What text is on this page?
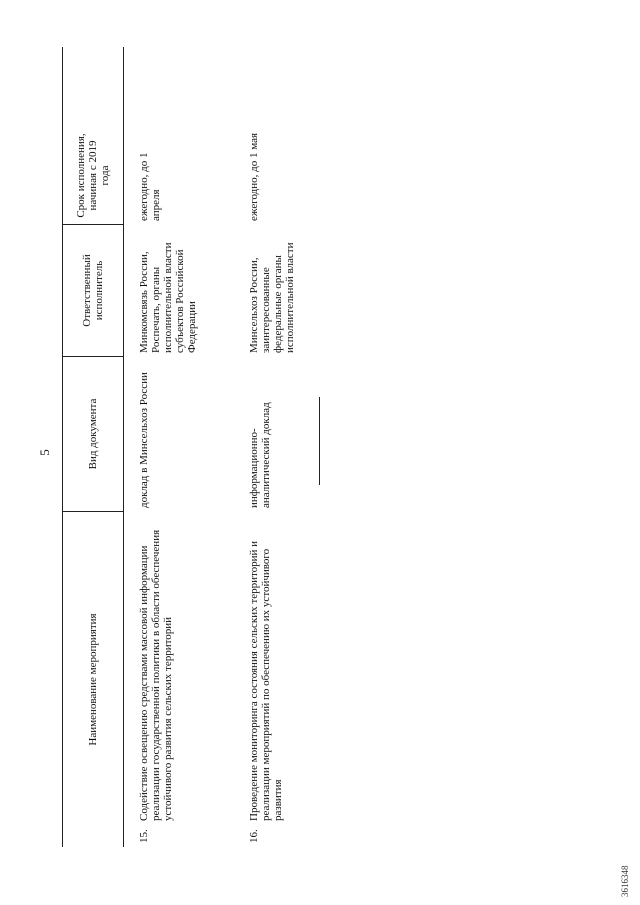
5
Наименование мероприятия
Вид документа
Ответственный исполнитель
Срок исполнения, начиная с 2019 года
15.
Содействие освещению средствами массовой информации реализации государственной политики в области обеспечения устойчивого развития сельских территорий
доклад в Минсельхоз России
Минкомсвязь России, Роспечать, органы исполнительной власти субъектов Российской Федерации
ежегодно, до 1 апреля
16.
Проведение мониторинга состояния сельских территорий и реализации мероприятий по обеспечению их устойчивого развития
информационно-аналитический доклад
Минсельхоз России, заинтересованные федеральные органы исполнительной власти
ежегодно, до 1 мая
3616348
